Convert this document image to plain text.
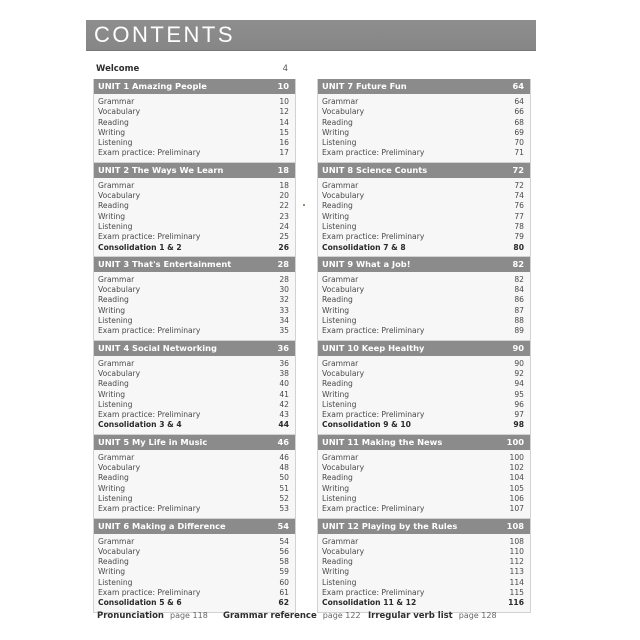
CONTENTS
Welcome	4
UNIT 1 Amazing People	10
Grammar	10
Vocabulary	12
Reading	14
Writing	15
Listening	16
Exam practice: Preliminary	17
UNIT 2 The Ways We Learn	18
Grammar	18
Vocabulary	20
Reading	22
Writing	23
Listening	24
Exam practice: Preliminary	25
Consolidation 1 & 2	26
UNIT 3 That's Entertainment	28
Grammar	28
Vocabulary	30
Reading	32
Writing	33
Listening	34
Exam practice: Preliminary	35
UNIT 4 Social Networking	36
Grammar	36
Vocabulary	38
Reading	40
Writing	41
Listening	42
Exam practice: Preliminary	43
Consolidation 3 & 4	44
UNIT 5 My Life in Music	46
Grammar	46
Vocabulary	48
Reading	50
Writing	51
Listening	52
Exam practice: Preliminary	53
UNIT 6 Making a Difference	54
Grammar	54
Vocabulary	56
Reading	58
Writing	59
Listening	60
Exam practice: Preliminary	61
Consolidation 5 & 6	62
UNIT 7 Future Fun	64
Grammar	64
Vocabulary	66
Reading	68
Writing	69
Listening	70
Exam practice: Preliminary	71
UNIT 8 Science Counts	72
Grammar	72
Vocabulary	74
Reading	76
Writing	77
Listening	78
Exam practice: Preliminary	79
Consolidation 7 & 8	80
UNIT 9 What a Job!	82
Grammar	82
Vocabulary	84
Reading	86
Writing	87
Listening	88
Exam practice: Preliminary	89
UNIT 10 Keep Healthy	90
Grammar	90
Vocabulary	92
Reading	94
Writing	95
Listening	96
Exam practice: Preliminary	97
Consolidation 9 & 10	98
UNIT 11 Making the News	100
Grammar	100
Vocabulary	102
Reading	104
Writing	105
Listening	106
Exam practice: Preliminary	107
UNIT 12 Playing by the Rules	108
Grammar	108
Vocabulary	110
Reading	112
Writing	113
Listening	114
Exam practice: Preliminary	115
Consolidation 11 & 12	116
Pronunciation page 118 Grammar reference page 122 Irregular verb list page 128
